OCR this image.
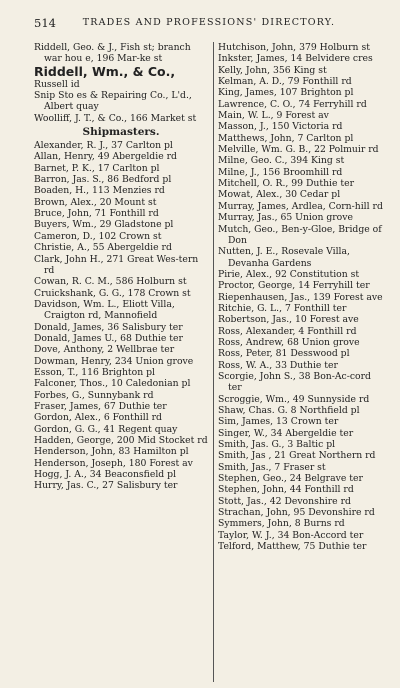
514	TRADES AND PROFESSIONS' DIRECTORY.
Riddell, Geo. & J., Fish st; branch war hou e, 196 Mar-ke st
Riddell, Wm., & Co.,
Russell id
Snip Sto es & Repairing Co., L'd., Albert quay
Woolliff, J. T., & Co., 166 Market st
Shipmasters.
Alexander, R. J., 37 Carlton pl
Allan, Henry, 49 Abergeldie rd
Barnet, P. K., 17 Carlton pl
Barron, Jas. S., 86 Bedford pl
Boaden, H., 113 Menzies rd
Brown, Alex., 20 Mount st
Bruce, John, 71 Fonthill rd
Buyers, Wm., 29 Gladstone pl
Cameron, D., 102 Crown st
Christie, A., 55 Abergeldie rd
Clark, John H., 271 Great Wes-tern rd
Cowan, R. C. M., 586 Holburn st
Cruickshank, G. G., 178 Crown st
Davidson, Wm. L., Eliott Villa, Craigton rd, Mannofield
Donald, James, 36 Salisbury ter
Donald, James U., 68 Duthie ter
Dove, Anthony, 2 Wellbrae ter
Dowman, Henry, 234 Union grove
Esson, T., 116 Brighton pl
Falconer, Thos., 10 Caledonian pl
Forbes, G., Sunnybank rd
Fraser, James, 67 Duthie ter
Gordon, Alex., 6 Fonthill rd
Gordon, G. G., 41 Regent quay
Hadden, George, 200 Mid Stocket rd
Henderson, John, 83 Hamilton pl
Henderson, Joseph, 180 Forest av
Hogg, J. A., 34 Beaconsfield pl
Hurry, Jas. C., 27 Salisbury ter
Hutchison, John, 379 Holburn st
Inkster, James, 14 Belvidere cres
Kelly, John, 356 King st
Kelman, A. D., 79 Fonthill rd
King, James, 107 Brighton pl
Lawrence, C. O., 74 Ferryhill rd
Main, W. L., 9 Forest av
Masson, J., 150 Victoria rd
Matthews, John, 7 Carlton pl
Melville, Wm. G. B., 22 Polmuir rd
Milne, Geo. C., 394 King st
Milne, J., 156 Broomhill rd
Mitchell, O. R., 99 Duthie ter
Mowat, Alex., 30 Cedar pl
Murray, James, Ardlea, Corn-hill rd
Murray, Jas., 65 Union grove
Mutch, Geo., Ben-y-Gloe, Bridge of Don
Nutten, J. E., Rosevale Villa, Devanha Gardens
Pirie, Alex., 92 Constitution st
Proctor, George, 14 Ferryhill ter
Riepenhausen, Jas., 139 Forest ave
Ritchie, G. L., 7 Fonthill ter
Robertson, Jas., 10 Forest ave
Ross, Alexander, 4 Fonthill rd
Ross, Andrew, 68 Union grove
Ross, Peter, 81 Desswood pl
Ross, W. A., 33 Duthie ter
Scorgie, John S., 38 Bon-Ac-cord ter
Scroggie, Wm., 49 Sunnyside rd
Shaw, Chas. G. 8 Northfield pl
Sim, James, 13 Crown ter
Singer, W., 34 Abergeldie ter
Smith, Jas. G., 3 Baltic pl
Smith, Jas , 21 Great Northern rd
Smith, Jas., 7 Fraser st
Stephen, Geo., 24 Belgrave ter
Stephen, John, 44 Fonthill rd
Stott, Jas., 42 Devonshire rd
Strachan, John, 95 Devonshire rd
Symmers, John, 8 Burns rd
Taylor, W. J., 34 Bon-Accord ter
Telford, Matthew, 75 Duthie ter
